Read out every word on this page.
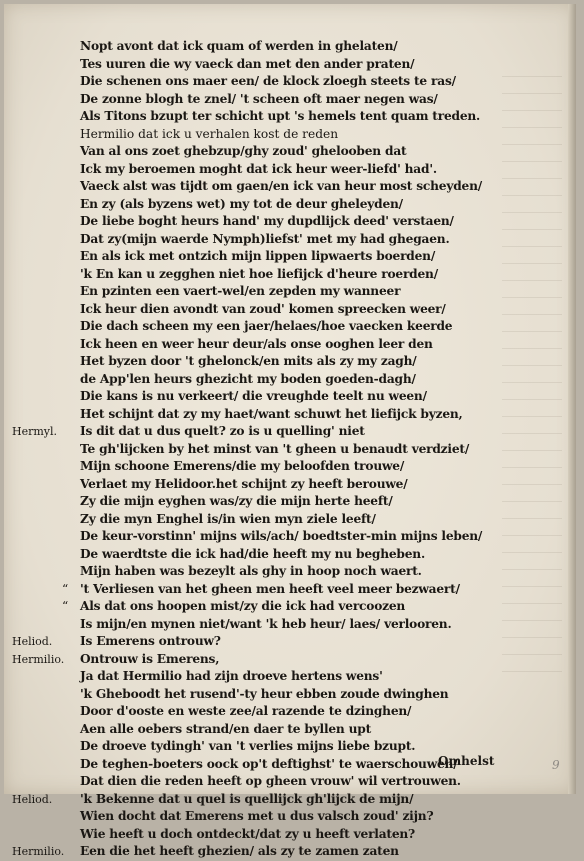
Nopt avont dat ick quam of werden in ghelaten/
Tes uuren die wy vaeck dan met den ander praten/
Die schenen ons maer een/ de klock zloegh steets te ras/
De zonne blogh te znel/ 't scheen oft maer negen was/
Als Titons bzupt ter schicht upt 's hemels tent quam treden.
Hermilio dat ick u verhalen kost de reden
Van al ons zoet ghebzup/ghy zoud' ghelooben dat
Ick my beroemen moght dat ick heur weer-liefd' had'.
Vaeck alst was tijdt om gaen/en ick van heur most scheyden/
En zy (als byzens wet) my tot de deur gheleyden/
De liebe boght heurs hand' my dupdlijck deed' verstaen/
Dat zy(mijn waerde Nymph)liefst' met my had ghegaen.
En als ick met ontzich mijn lippen lipwaerts boerden/
'k En kan u zegghen niet hoe liefijck d'heure roerden/
En pzinten een vaert-wel/en zepden my wanneer
Ick heur dien avondt van zoud' komen spreecken weer/
Die dach scheen my een jaer/helaes/hoe vaecken keerde
Ick heen en weer heur deur/als onse ooghen leer den
Het byzen door 't ghelonck/en mits als zy my zagh/
de App'len heurs ghezicht my boden goeden-dagh/
Die kans is nu verkeert/ die vreughde teelt nu ween/
Het schijnt dat zy my haet/want schuwt het liefijck byzen,
Hermyl. Is dit dat u dus quelt? zo is u quelling' niet
Te gh'lijcken by het minst van 't gheen u benaudt verdziet/
Mijn schoone Emerens/die my beloofden trouwe/
Verlaet my Helidoor.het schijnt zy heeft berouwe/
Zy die mijn eyghen was/zy die mijn herte heeft/
Zy die myn Enghel is/in wien myn ziele leeft/
De keur-vorstinn' mijns wils/ach/ boedtster-min mijns leben/
De waerdtste die ick had/die heeft my nu begheben.
Mijn haben was bezeylt als ghy in hoop noch waert.
“ 't Verliesen van het gheen men heeft veel meer bezwaert/
“ Als dat ons hoopen mist/zy die ick had vercoozen
Is mijn/en mynen niet/want 'k heb heur/ laes/ verlooren.
Heliod. Is Emerens ontrouw?
Hermilio. Ontrouw is Emerens,
Ja dat Hermilio had zijn droeve hertens wens'
'k Gheboodt het rusend'-ty heur ebben zoude dwinghen
Door d'ooste en weste zee/al razende te dzinghen/
Aen alle oebers strand/en daer te byllen upt
De droeve tydingh' van 't verlies mijns liebe bzupt.
De teghen-boeters oock op't deftighst' te waerschouwen/
Dat dien die reden heeft op gheen vrouw' wil vertrouwen.
Heliod. 'k Bekenne dat u quel is quellijck gh'lijck de mijn/
Wien docht dat Emerens met u dus valsch zoud' zijn?
Wie heeft u doch ontdeckt/dat zy u heeft verlaten?
Hermilio. Een die het heeft ghezien/ als zy te zamen zaten
Omhelst	9
